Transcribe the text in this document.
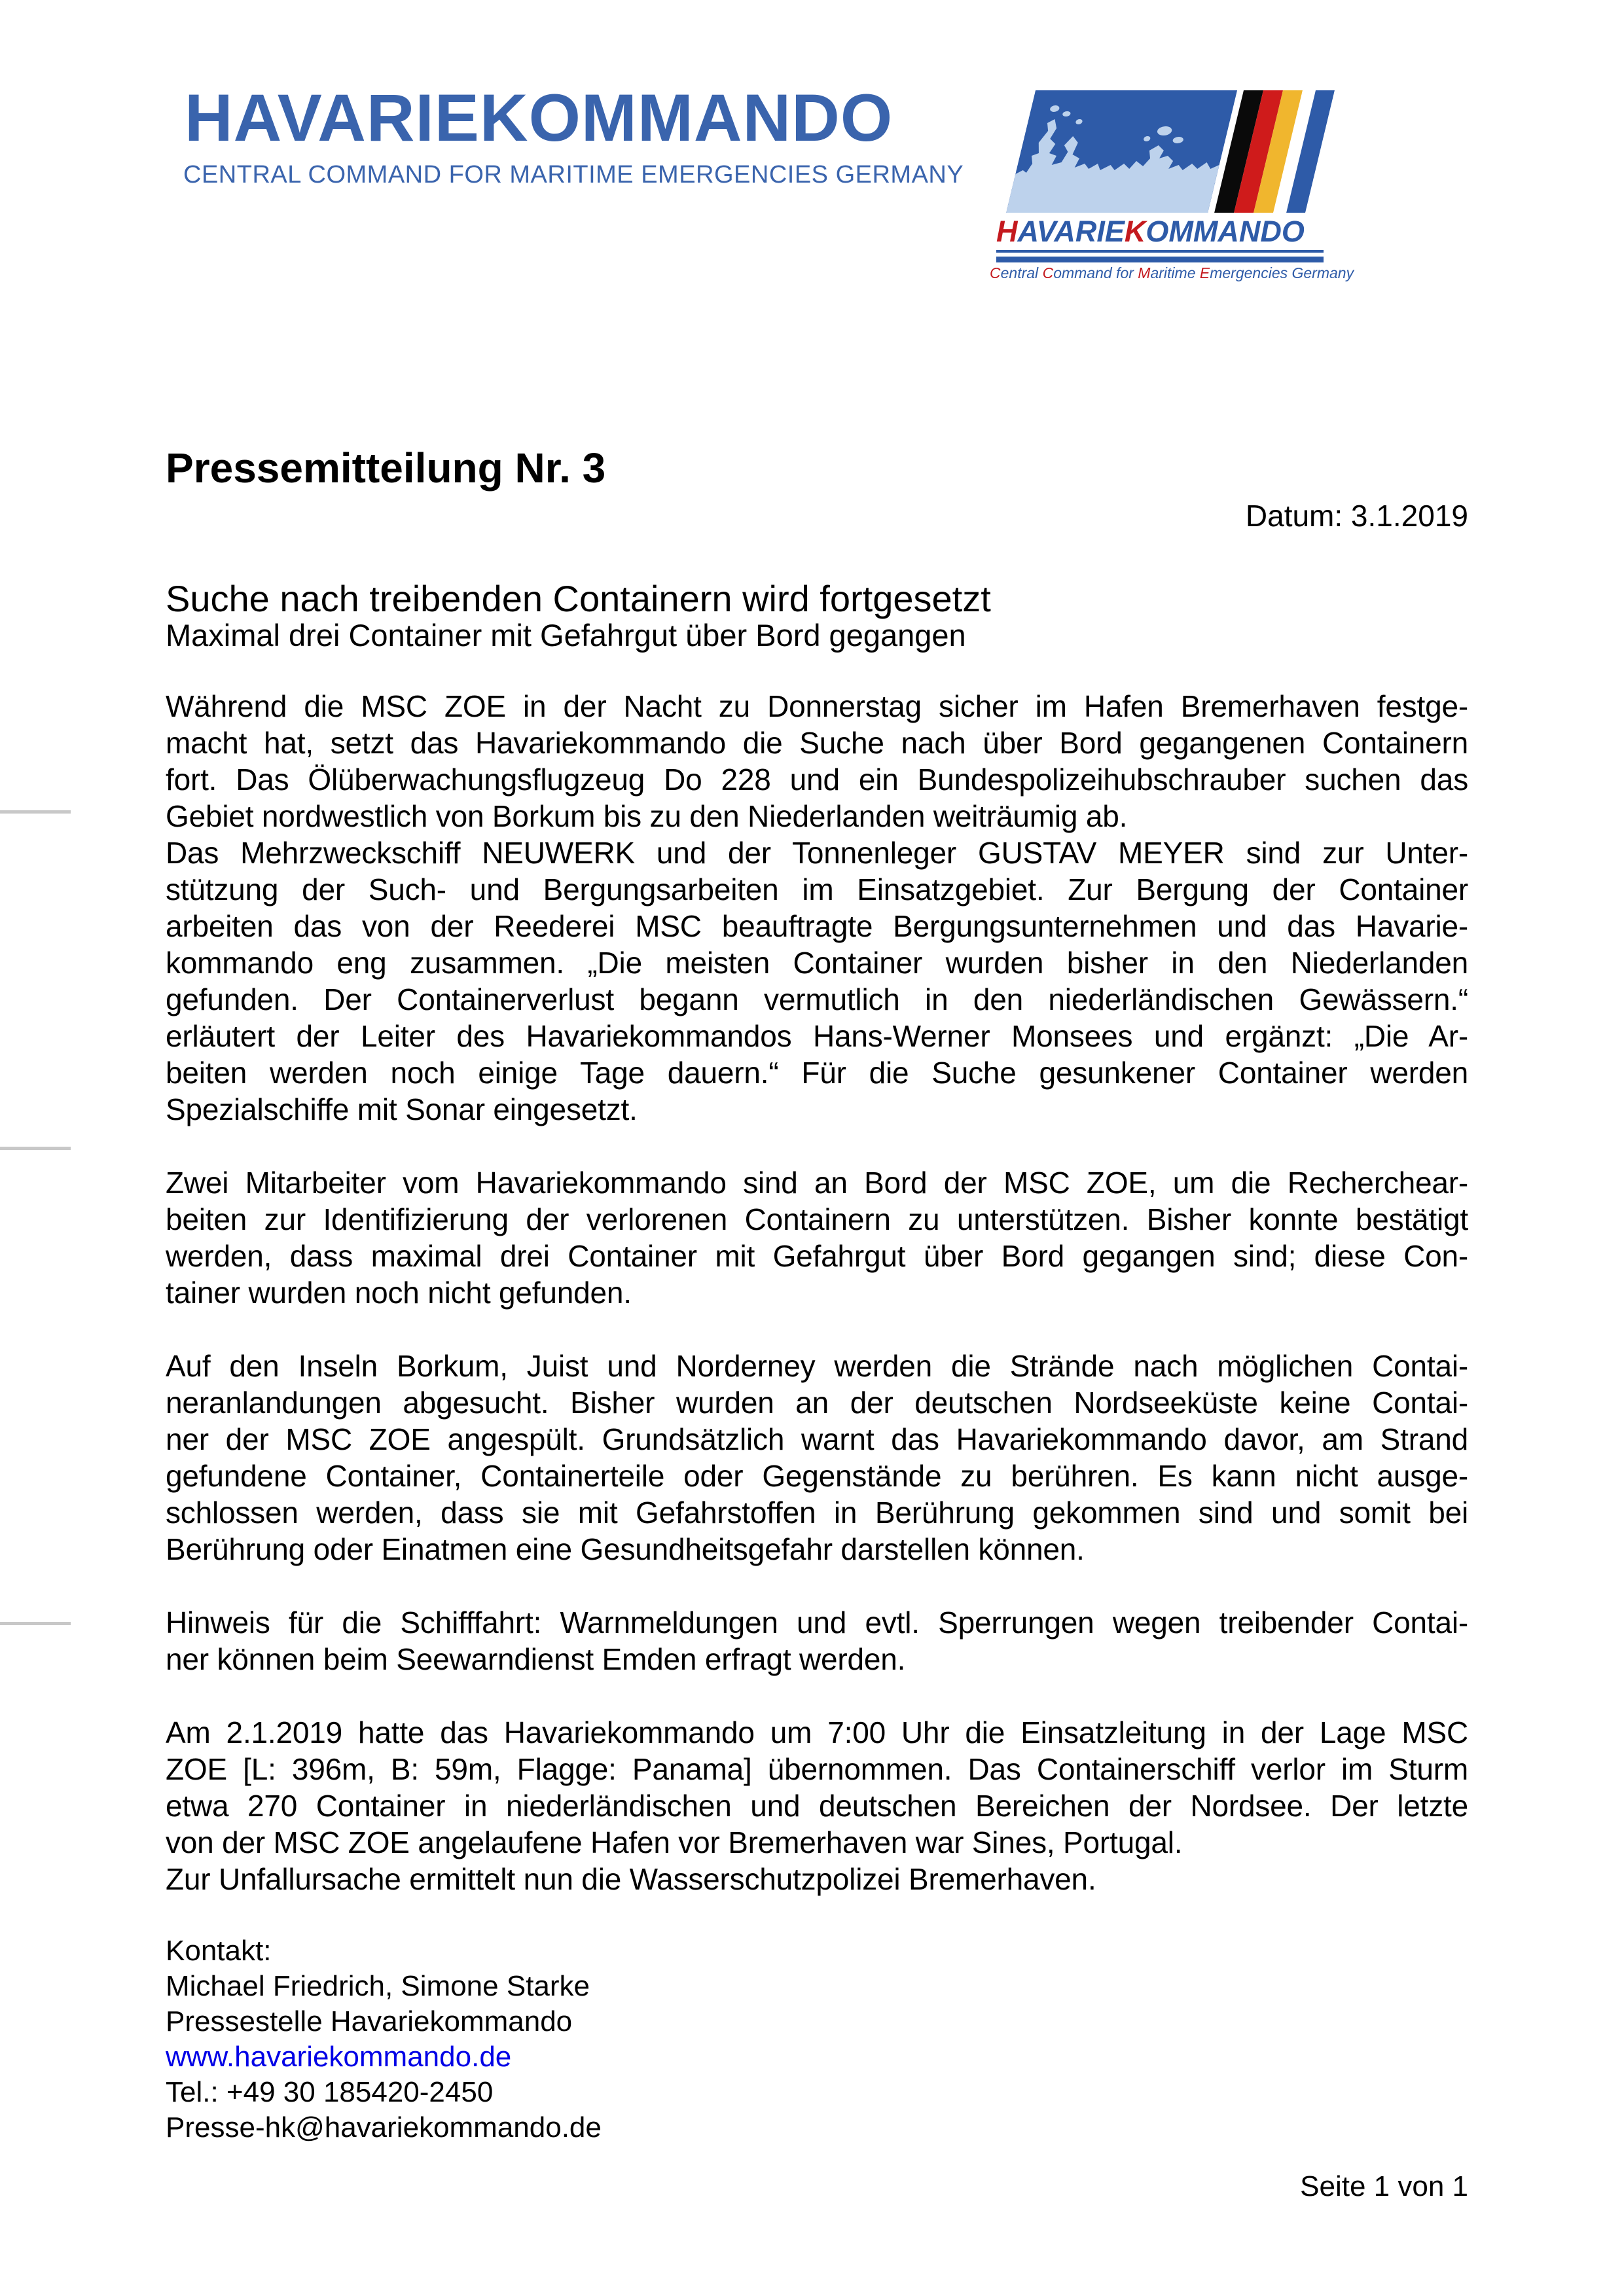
HAVARIEKOMMANDO
CENTRAL COMMAND FOR MARITIME EMERGENCIES GERMANY
HAVARIEKOMMANDO
Central Command for Maritime Emergencies Germany
Pressemitteilung Nr. 3
Datum: 3.1.2019
Suche nach treibenden Containern wird fortgesetzt
Maximal drei Container mit Gefahrgut über Bord gegangen
Während die MSC ZOE in der Nacht zu Donnerstag sicher im Hafen Bremerhaven festge-
macht hat, setzt das Havariekommando die Suche nach über Bord gegangenen Containern
fort. Das Ölüberwachungsflugzeug Do 228 und ein Bundespolizeihubschrauber suchen das
Gebiet nordwestlich von Borkum bis zu den Niederlanden weiträumig ab.
Das Mehrzweckschiff NEUWERK und der Tonnenleger GUSTAV MEYER sind zur Unter-
stützung der Such- und Bergungsarbeiten im Einsatzgebiet. Zur Bergung der Container
arbeiten das von der Reederei MSC beauftragte Bergungsunternehmen und das Havarie-
kommando eng zusammen. „Die meisten Container wurden bisher in den Niederlanden
gefunden. Der Containerverlust begann vermutlich in den niederländischen Gewässern.“
erläutert der Leiter des Havariekommandos Hans-Werner Monsees und ergänzt: „Die Ar-
beiten werden noch einige Tage dauern.“ Für die Suche gesunkener Container werden
Spezialschiffe mit Sonar eingesetzt.
Zwei Mitarbeiter vom Havariekommando sind an Bord der MSC ZOE, um die Recherchear-
beiten zur Identifizierung der verlorenen Containern zu unterstützen. Bisher konnte bestätigt
werden, dass maximal drei Container mit Gefahrgut über Bord gegangen sind; diese Con-
tainer wurden noch nicht gefunden.
Auf den Inseln Borkum, Juist und Norderney werden die Strände nach möglichen Contai-
neranlandungen abgesucht. Bisher wurden an der deutschen Nordseeküste keine Contai-
ner der MSC ZOE angespült. Grundsätzlich warnt das Havariekommando davor, am Strand
gefundene Container, Containerteile oder Gegenstände zu berühren. Es kann nicht ausge-
schlossen werden, dass sie mit Gefahrstoffen in Berührung gekommen sind und somit bei
Berührung oder Einatmen eine Gesundheitsgefahr darstellen können.
Hinweis für die Schifffahrt: Warnmeldungen und evtl. Sperrungen wegen treibender Contai-
ner können beim Seewarndienst Emden erfragt werden.
Am 2.1.2019 hatte das Havariekommando um 7:00 Uhr die Einsatzleitung in der Lage MSC
ZOE [L: 396m, B: 59m, Flagge: Panama] übernommen. Das Containerschiff verlor im Sturm
etwa 270 Container in niederländischen und deutschen Bereichen der Nordsee. Der letzte
von der MSC ZOE angelaufene Hafen vor Bremerhaven war Sines, Portugal.
Zur Unfallursache ermittelt nun die Wasserschutzpolizei Bremerhaven.
Kontakt:
Michael Friedrich, Simone Starke
Pressestelle Havariekommando
www.havariekommando.de
Tel.: +49 30 185420-2450
Presse-hk@havariekommando.de
Seite 1 von 1
